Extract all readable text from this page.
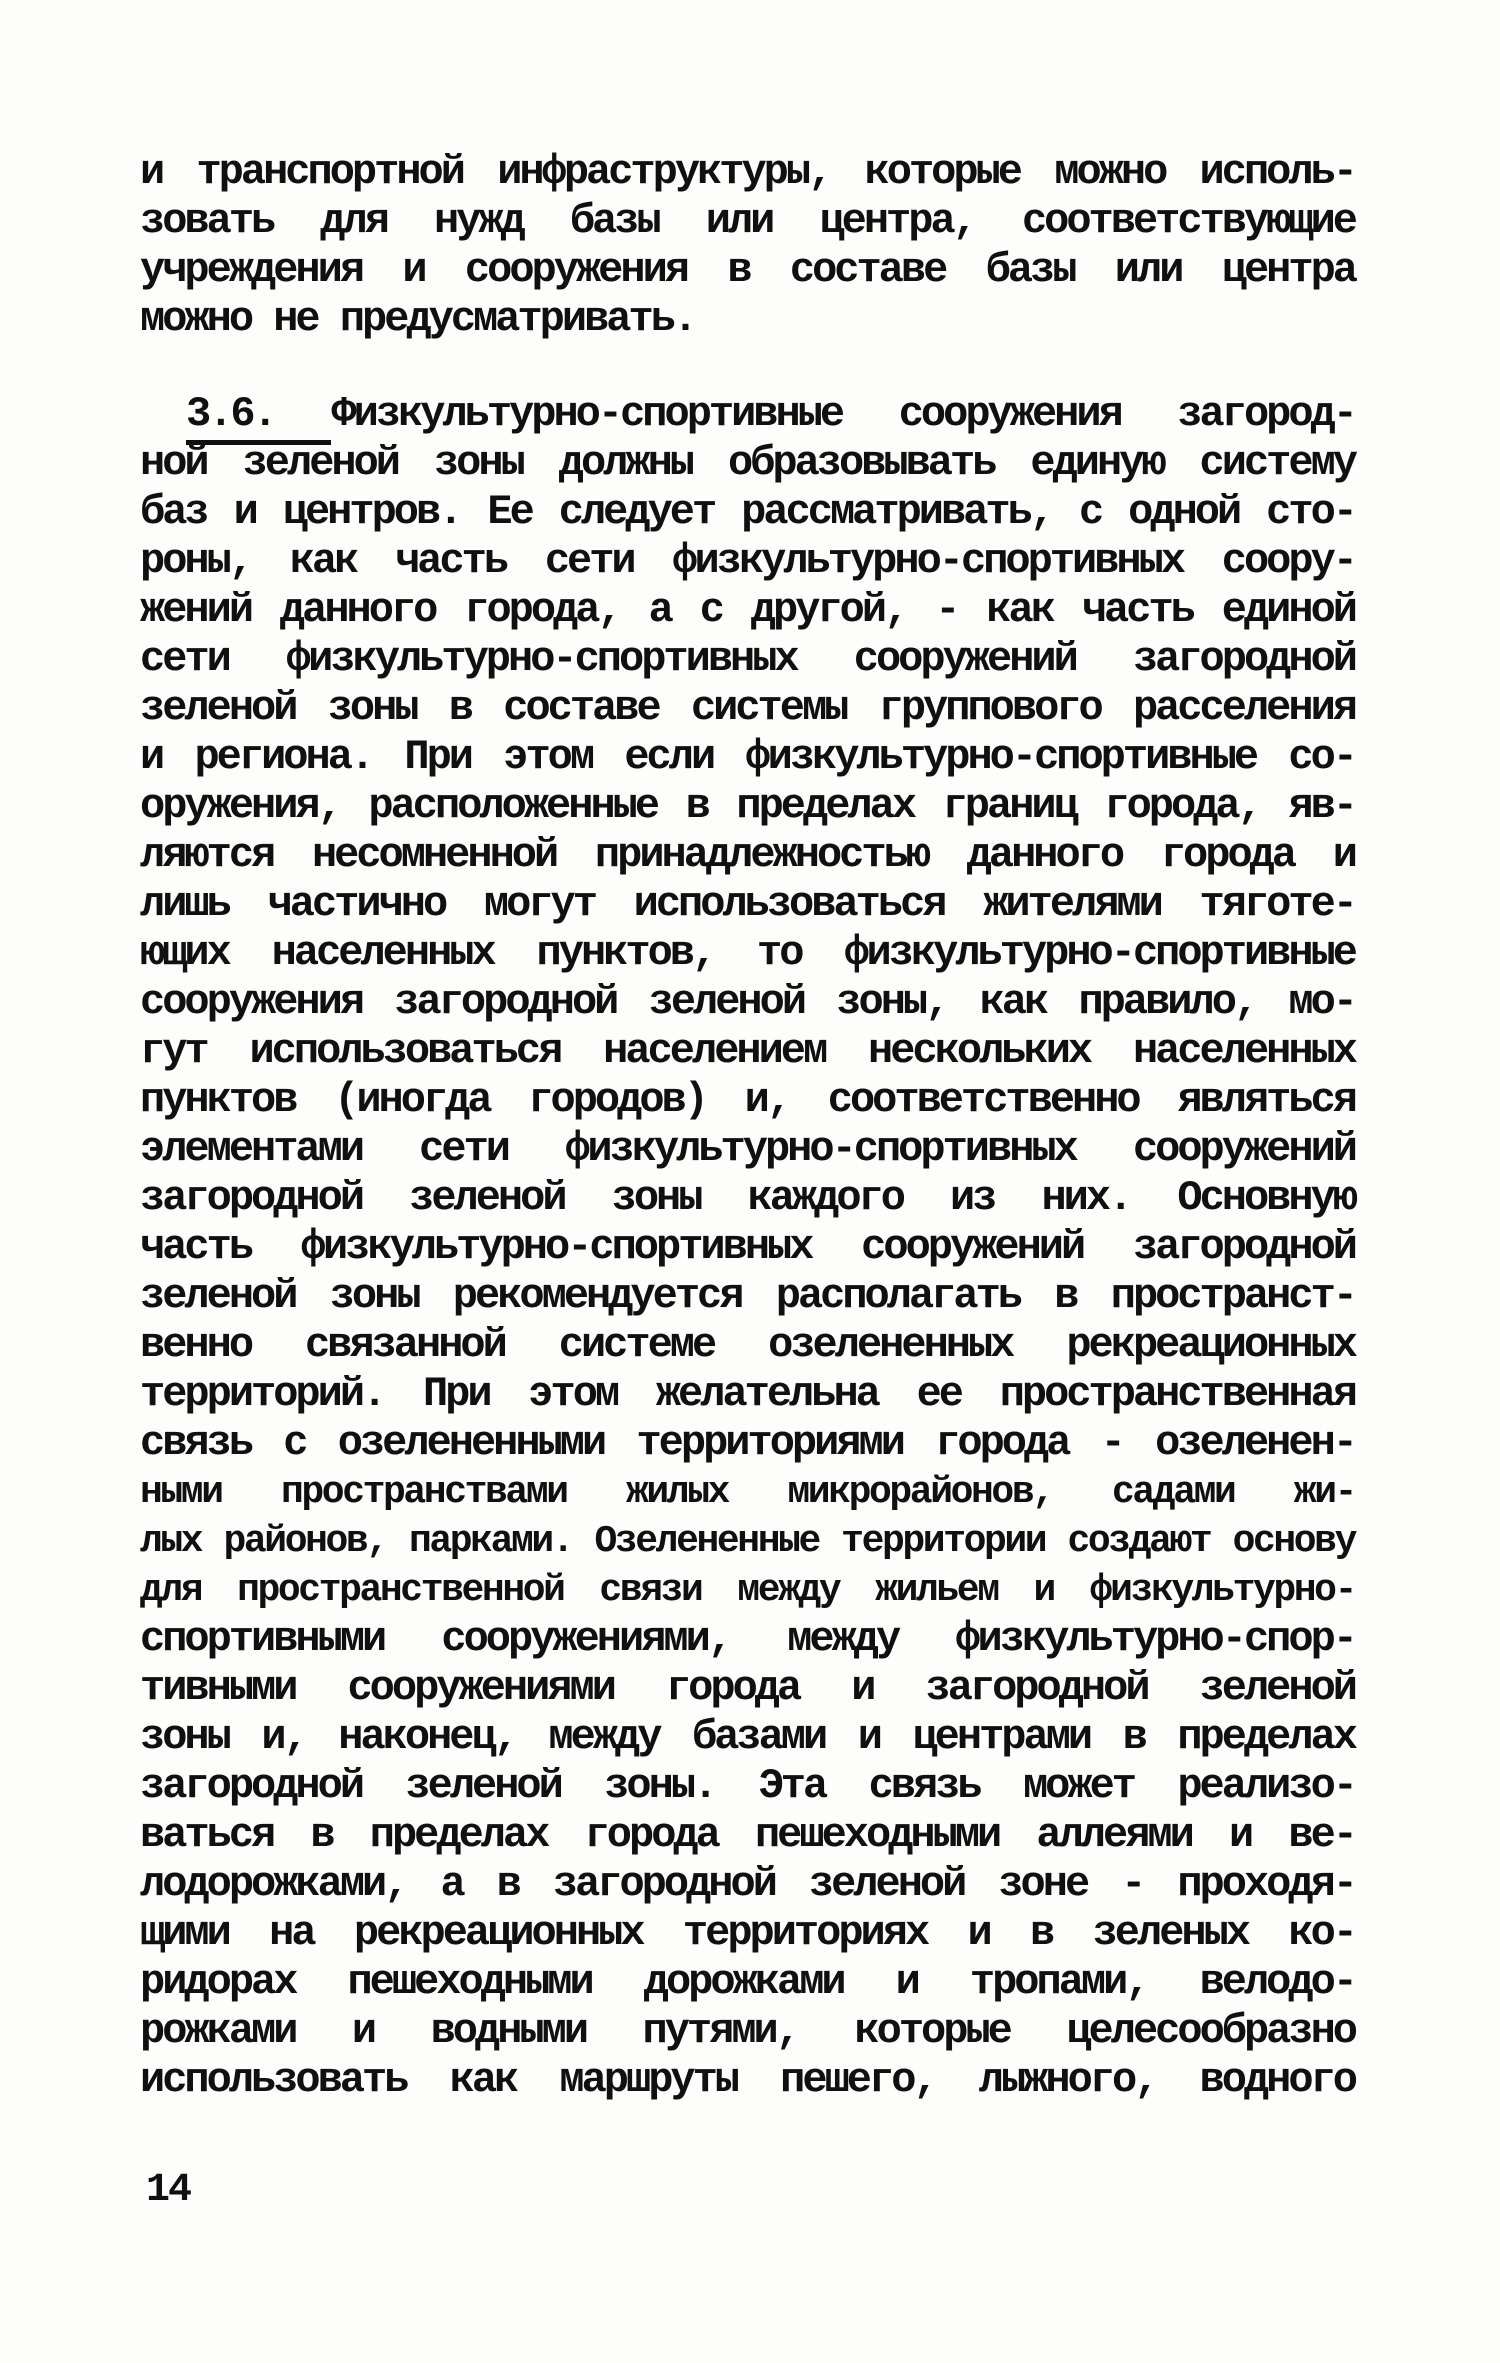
и транспортной инфраструктуры, которые можно исполь-
зовать для нужд базы или центра, соответствующие
учреждения и сооружения в составе базы или центра
можно не предусматривать.
3.6. Физкультурно-спортивные сооружения загород-
ной зеленой зоны должны образовывать единую систему
баз и центров. Ее следует рассматривать, с одной сто-
роны, как часть сети физкультурно-спортивных соору-
жений данного города, а с другой, - как часть единой
сети физкультурно-спортивных сооружений загородной
зеленой зоны в составе системы группового расселения
и региона. При этом если физкультурно-спортивные со-
оружения, расположенные в пределах границ города, яв-
ляются несомненной принадлежностью данного города и
лишь частично могут использоваться жителями тяготе-
ющих населенных пунктов, то физкультурно-спортивные
сооружения загородной зеленой зоны, как правило, мо-
гут использоваться населением нескольких населенных
пунктов (иногда городов) и, соответственно являться
элементами сети физкультурно-спортивных сооружений
загородной зеленой зоны каждого из них. Основную
часть физкультурно-спортивных сооружений загородной
зеленой зоны рекомендуется располагать в пространст-
венно связанной системе озелененных рекреационных
территорий. При этом желательна ее пространственная
связь с озелененными территориями города - озеленен-
ными пространствами жилых микрорайонов, садами жи-
лых районов, парками. Озелененные территории создают основу
для пространственной связи между жильем и физкультурно-
спортивными сооружениями, между физкультурно-спор-
тивными сооружениями города и загородной зеленой
зоны и, наконец, между базами и центрами в пределах
загородной зеленой зоны. Эта связь может реализо-
ваться в пределах города пешеходными аллеями и ве-
лодорожками, а в загородной зеленой зоне - проходя-
щими на рекреационных территориях и в зеленых ко-
ридорах пешеходными дорожками и тропами, велодо-
рожками и водными путями, которые целесообразно
использовать как маршруты пешего, лыжного, водного
14
